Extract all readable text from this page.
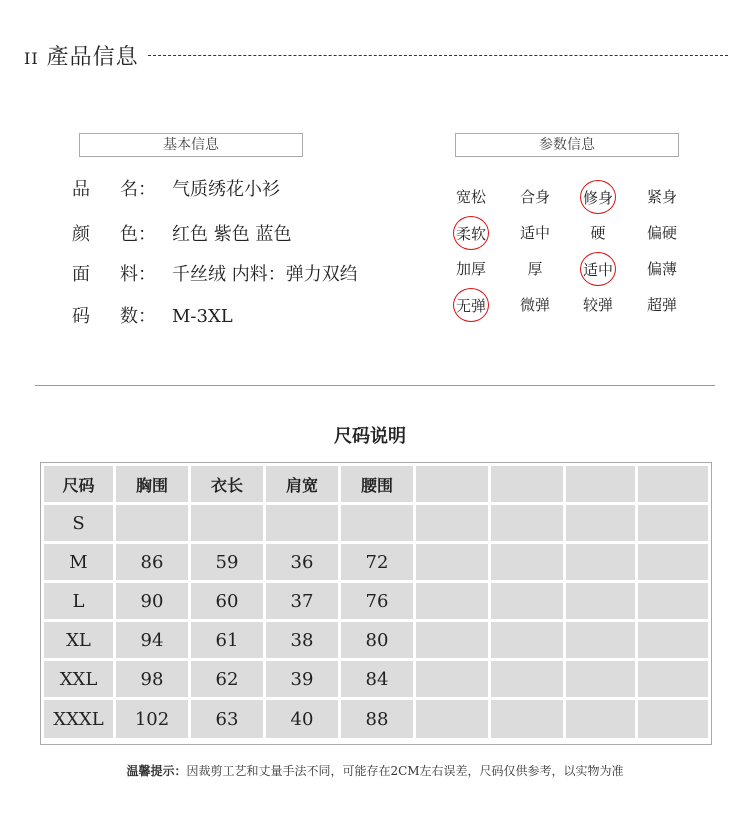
II 產品信息
基本信息	参数信息
品 名： 气质绣花小衫
颜 色： 红色 紫色 蓝色
面 料： 千丝绒 内料：弹力双绉
码 数： M-3XL
宽松	合身	修身	紧身
柔软	适中	硬	偏硬
加厚	厚	适中	偏薄
无弹	微弹	较弹	超弹
尺码说明
尺码	胸围	衣长	肩宽	腰围
S
M	86	59	36	72
L	90	60	37	76
XL	94	61	38	80
XXL	98	62	39	84
XXXL	102	63	40	88
温馨提示：因裁剪工艺和丈量手法不同，可能存在2CM左右误差，尺码仅供参考，以实物为准
